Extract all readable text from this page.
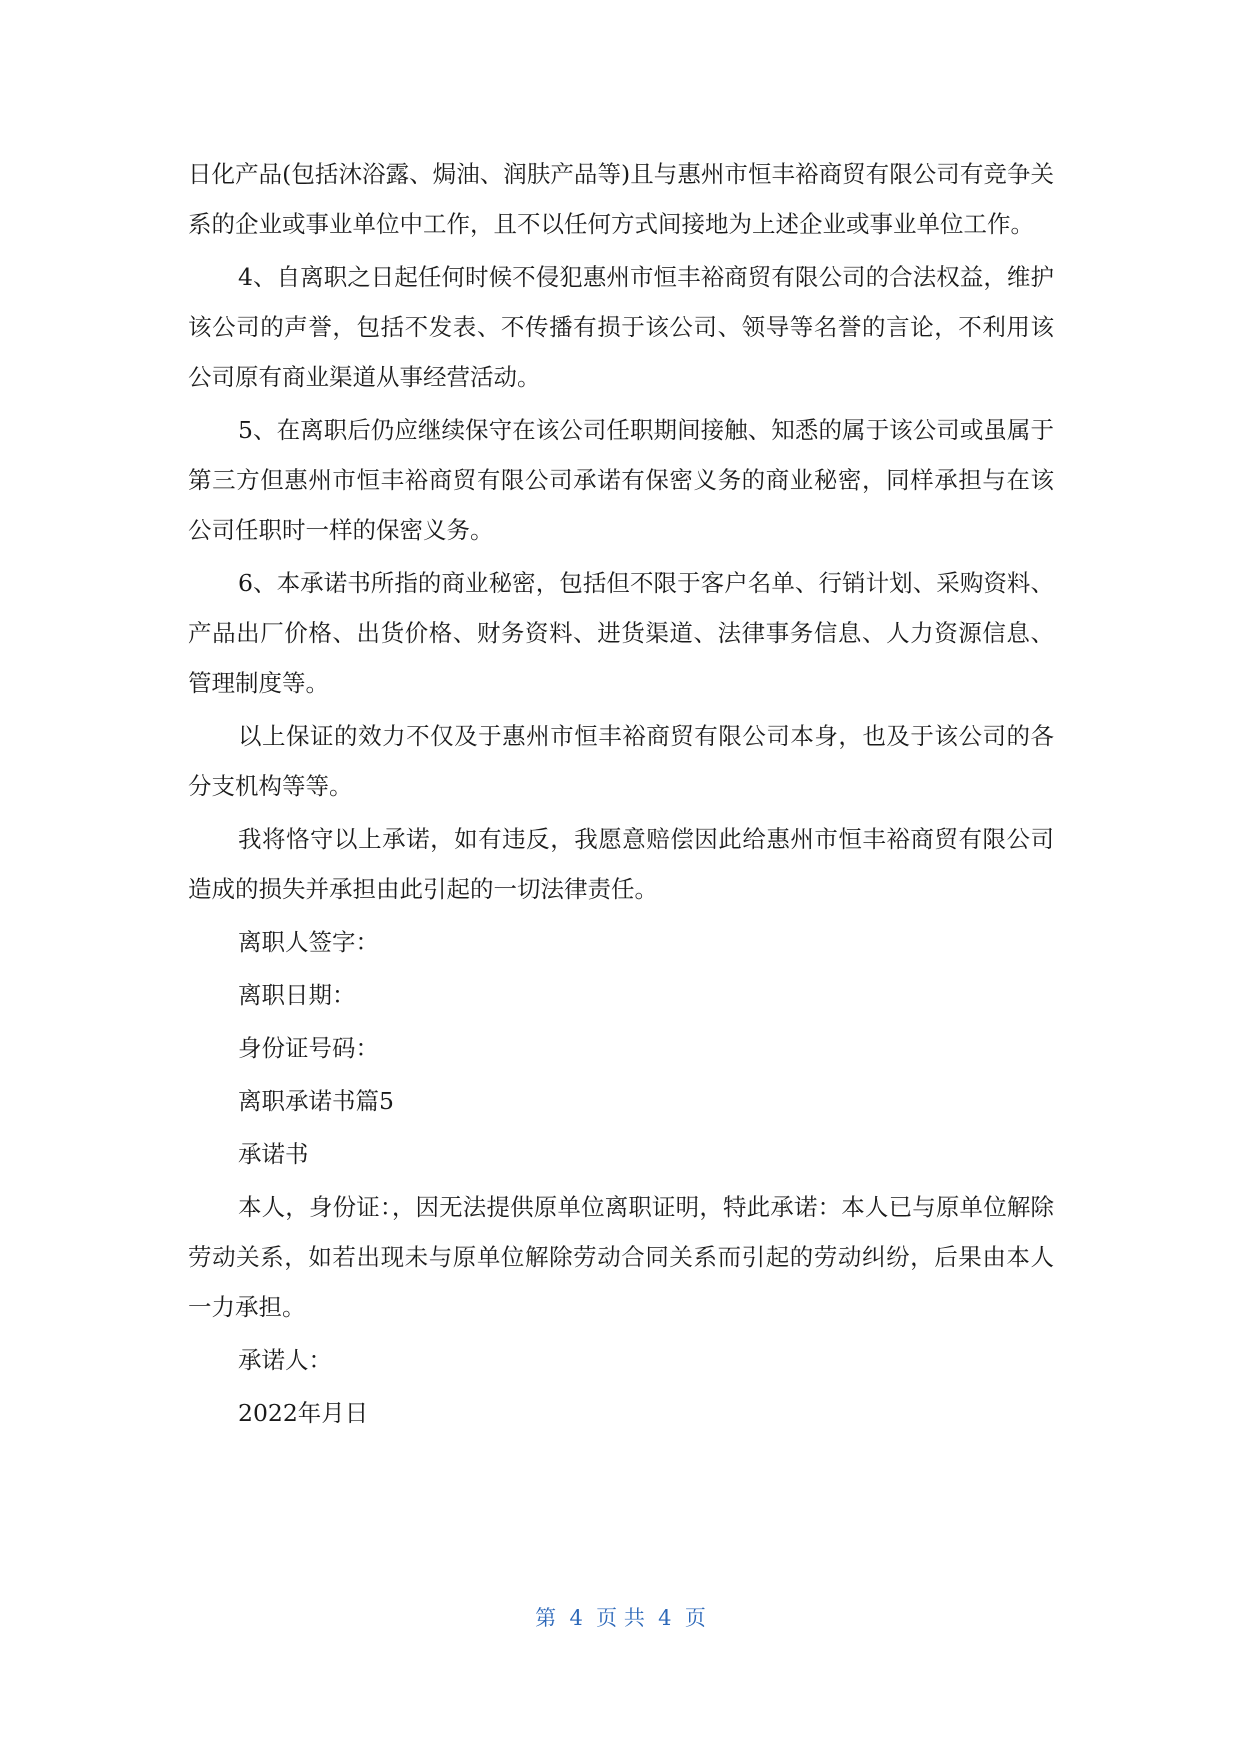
日化产品(包括沐浴露、焗油、润肤产品等)且与惠州市恒丰裕商贸有限公司有竞争关系的企业或事业单位中工作，且不以任何方式间接地为上述企业或事业单位工作。

4、自离职之日起任何时候不侵犯惠州市恒丰裕商贸有限公司的合法权益，维护该公司的声誉，包括不发表、不传播有损于该公司、领导等名誉的言论，不利用该公司原有商业渠道从事经营活动。

5、在离职后仍应继续保守在该公司任职期间接触、知悉的属于该公司或虽属于第三方但惠州市恒丰裕商贸有限公司承诺有保密义务的商业秘密，同样承担与在该公司任职时一样的保密义务。

6、本承诺书所指的商业秘密，包括但不限于客户名单、行销计划、采购资料、产品出厂价格、出货价格、财务资料、进货渠道、法律事务信息、人力资源信息、管理制度等。

以上保证的效力不仅及于惠州市恒丰裕商贸有限公司本身，也及于该公司的各分支机构等等。

我将恪守以上承诺，如有违反，我愿意赔偿因此给惠州市恒丰裕商贸有限公司造成的损失并承担由此引起的一切法律责任。

离职人签字：

离职日期：

身份证号码：

离职承诺书篇5

承诺书

本人，身份证：，因无法提供原单位离职证明，特此承诺：本人已与原单位解除劳动关系，如若出现未与原单位解除劳动合同关系而引起的劳动纠纷，后果由本人一力承担。

承诺人：

2022年月日

第  4  页 共  4  页
